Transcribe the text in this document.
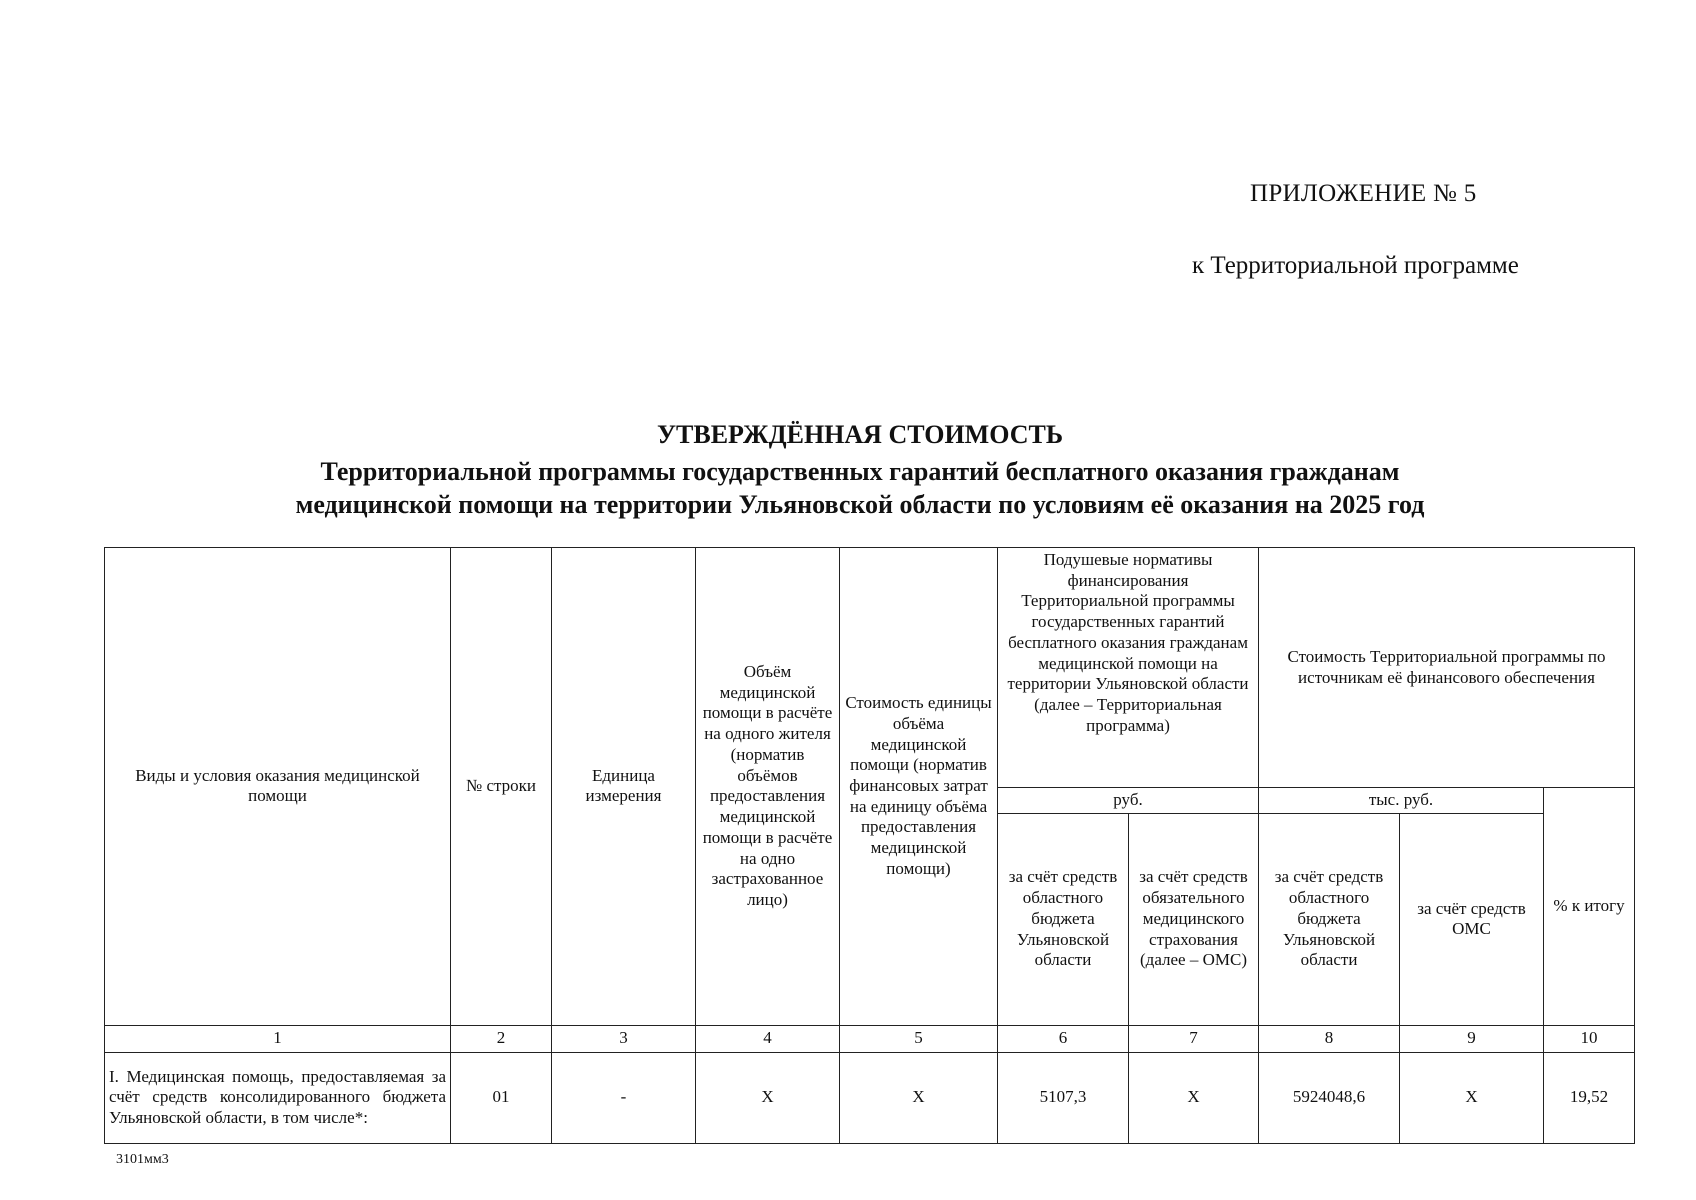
ПРИЛОЖЕНИЕ № 5
к Территориальной программе
УТВЕРЖДЁННАЯ СТОИМОСТЬ
Территориальной программы государственных гарантий бесплатного оказания гражданам
медицинской помощи на территории Ульяновской области по условиям её оказания на 2025 год
Виды и условия оказания медицинской помощи	№ строки	Единица измерения	Объём медицинской помощи в расчёте на одного жителя (норматив объёмов предоставления медицинской помощи в расчёте на одно застрахованное лицо)	Стоимость единицы объёма медицинской помощи (норматив финансовых затрат на единицу объёма предоставления медицинской помощи)	Подушевые нормативы финансирования Территориальной программы государственных гарантий бесплатного оказания гражданам медицинской помощи на территории Ульяновской области (далее – Территориальная программа)		Стоимость Территориальной программы по источникам её финансового обеспечения		
					руб.		тыс. руб.		% к итогу
					за счёт средств областного бюджета Ульяновской области	за счёт средств обязательного медицинского страхования (далее – ОМС)	за счёт средств областного бюджета Ульяновской области	за счёт средств ОМС	
1	2	3	4	5	6	7	8	9	10
I. Медицинская помощь, предоставляемая за счёт средств консолидированного бюджета Ульяновской области, в том числе*:	01	-	Х	Х	5107,3	Х	5924048,6	Х	19,52
3101мм3
